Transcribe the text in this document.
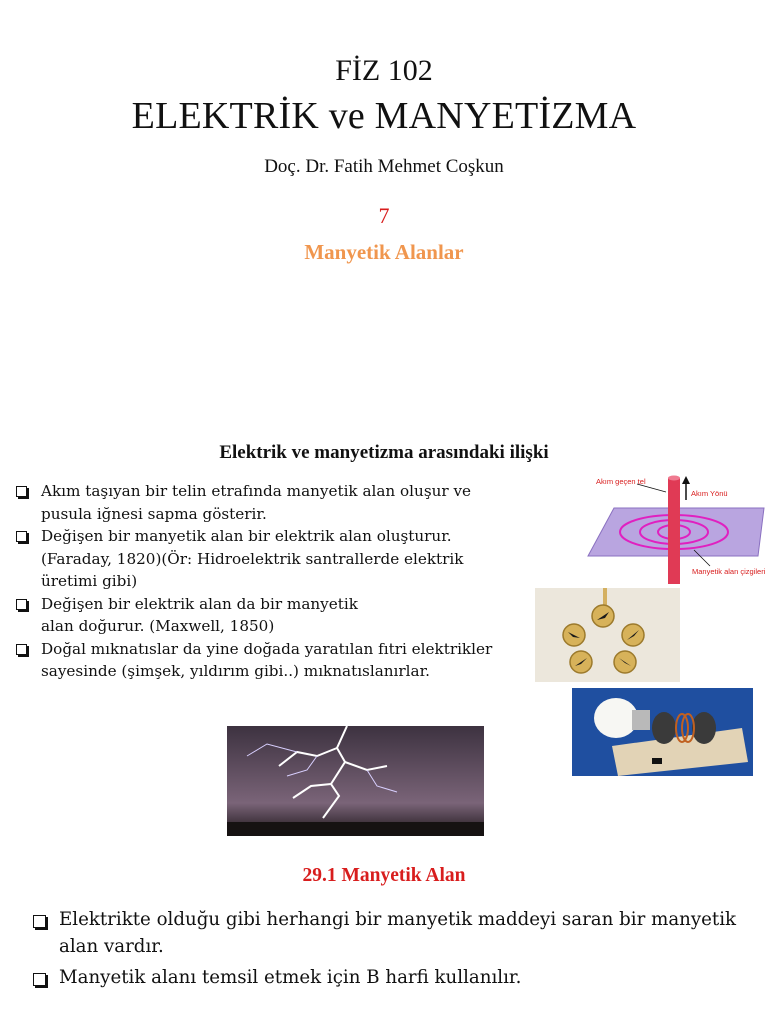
FİZ 102
ELEKTRİK ve MANYETİZMA
Doç. Dr. Fatih Mehmet Coşkun
7
Manyetik Alanlar
Elektrik ve manyetizma arasındaki ilişki
Akım taşıyan bir telin etrafında manyetik alan oluşur ve pusula iğnesi sapma gösterir.
Değişen bir manyetik alan bir elektrik alan oluşturur. (Faraday, 1820)(Ör: Hidroelektrik santrallerde elektrik üretimi gibi)
Değişen bir elektrik alan da bir manyetik alan doğurur. (Maxwell, 1850)
Doğal mıknatıslar da yine doğada yaratılan fıtri elektrikler sayesinde (şimşek, yıldırım gibi..) mıknatıslanırlar.
Akım geçen tel
Akım Yönü
Manyetik alan çizgileri
29.1 Manyetik Alan
Elektrikte olduğu gibi herhangi bir manyetik maddeyi saran bir manyetik alan vardır.
Manyetik alanı temsil etmek için B harfi kullanılır.
